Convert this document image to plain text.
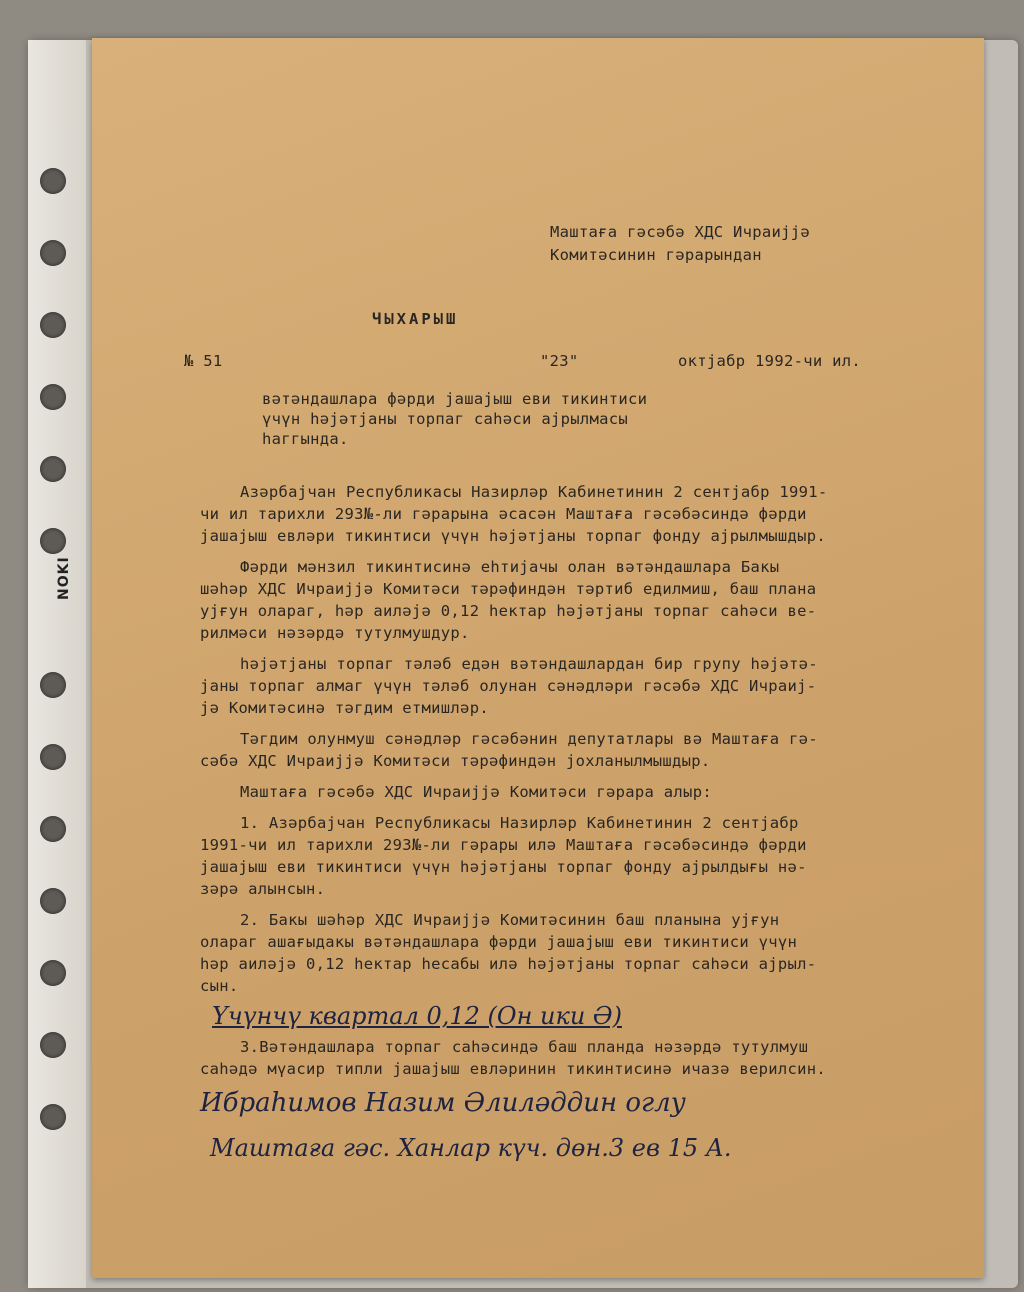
NOKI
Маштаға гәсәбә ХДС Ичраиjjә
Комитәсинин гәрарындан
ЧЫХАРЫШ
№ 51	"23"	октјабр 1992-чи ил.
вәтәндашлара фәрди јашајыш еви тикинтиси
үчүн һәјәтјаны торпаг саһәси ајрылмасы
һаггында.
Азәрбајчан Республикасы Назирләр Кабинетинин 2 сентјабр 1991-
чи ил тарихли 293№-ли гәрарына әсасән Маштаға гәсәбәсиндә фәрди
јашајыш евләри тикинтиси үчүн һәјәтјаны торпаг фонду ајрылмышдыр.
Фәрди мәнзил тикинтисинә еһтијачы олан вәтәндашлара Бакы
шәһәр ХДС Ичраиjjә Комитәси тәрәфиндән тәртиб едилмиш, баш плана
ујғун олараг, һәр аиләјә 0,12 һектар һәјәтјаны торпаг саһәси ве-
рилмәси нәзәрдә тутулмушдур.
һәјәтјаны торпаг тәләб едән вәтәндашлардан бир групу һәјәтә-
јаны торпаг алмаг үчүн тәләб олунан сәнәдләри гәсәбә ХДС Ичраиј-
јә Комитәсинә тәгдим етмишләр.
Тәгдим олунмуш сәнәдләр гәсәбәнин депутатлары вә Маштаға гә-
сәбә ХДС Ичраиjjә Комитәси тәрәфиндән јохланылмышдыр.
Маштаға гәсәбә ХДС Ичраиjjә Комитәси гәрара алыр:
1. Азәрбајчан Республикасы Назирләр Кабинетинин 2 сентјабр
1991-чи ил тарихли 293№-ли гәрары илә Маштаға гәсәбәсиндә фәрди
јашајыш еви тикинтиси үчүн һәјәтјаны торпаг фонду ајрылдығы нә-
зәрә алынсын.
2. Бакы шәһәр ХДС Ичраиjjә Комитәсинин баш планына ујғун
олараг ашағыдакы вәтәндашлара фәрди јашајыш еви тикинтиси үчүн
һәр аиләјә 0,12 һектар һесабы илә һәјәтјаны торпаг саһәси ајрыл-
сын.
Үчүнчү квартал 0,12 (Он ики Ә)
3.Вәтәндашлара торпаг саһәсиндә баш планда нәзәрдә тутулмуш
саһәдә мүасир типли јашајыш евләринин тикинтисинә ичазә верилсин.
Ибраһимов Назим Әлиләддин оглу
Маштаға гәс. Ханлар күч. дөн.3 ев 15 А.
